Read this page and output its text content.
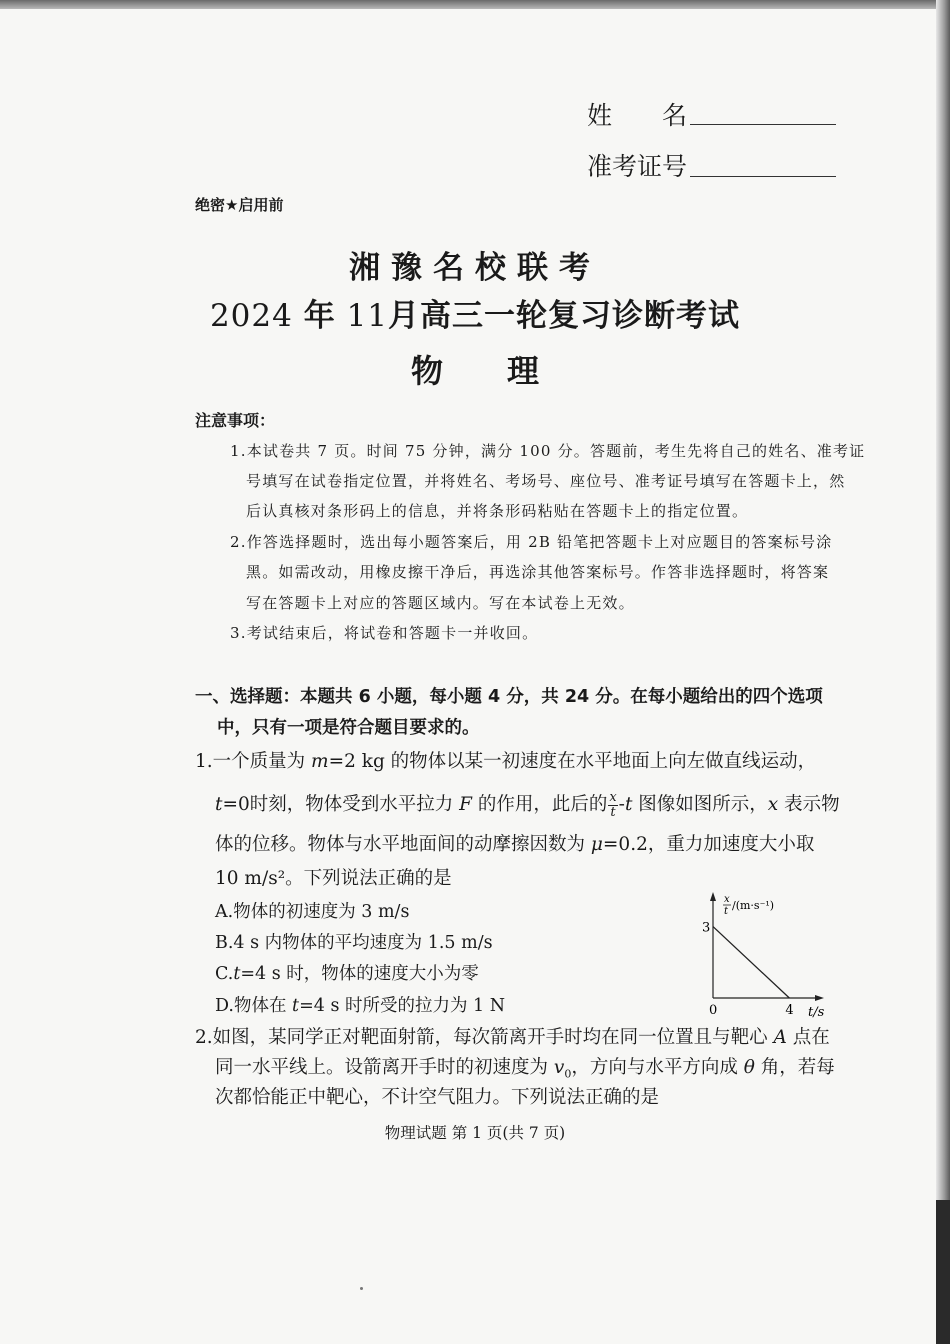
姓　　名
准考证号
绝密★启用前
湘豫名校联考
2024 年 11月高三一轮复习诊断考试
物　　理
注意事项：
1.本试卷共 7 页。时间 75 分钟，满分 100 分。答题前，考生先将自己的姓名、准考证
号填写在试卷指定位置，并将姓名、考场号、座位号、准考证号填写在答题卡上，然
后认真核对条形码上的信息，并将条形码粘贴在答题卡上的指定位置。
2.作答选择题时，选出每小题答案后，用 2B 铅笔把答题卡上对应题目的答案标号涂
黑。如需改动，用橡皮擦干净后，再选涂其他答案标号。作答非选择题时，将答案
写在答题卡上对应的答题区域内。写在本试卷上无效。
3.考试结束后，将试卷和答题卡一并收回。
一、选择题：本题共 6 小题，每小题 4 分，共 24 分。在每小题给出的四个选项
中，只有一项是符合题目要求的。
1.一个质量为 m=2 kg 的物体以某一初速度在水平地面上向左做直线运动，
t=0时刻，物体受到水平拉力 F 的作用，此后的 $\frac{x}{t} -t$ 图像如图所示，x 表示物
体的位移。物体与水平地面间的动摩擦因数为 μ=0.2，重力加速度大小取
10 m/s²。下列说法正确的是
A.物体的初速度为 3 m/s
B.4 s 内物体的平均速度为 1.5 m/s
C.t=4 s 时，物体的速度大小为零
D.物体在 t=4 s 时所受的拉力为 1 N
x
t /(m·s⁻¹)
3
0	4 t/s
2.如图，某同学正对靶面射箭，每次箭离开手时均在同一位置且与靶心 A 点在
同一水平线上。设箭离开手时的初速度为 $v_0$，方向与水平方向成 θ 角，若每
次都恰能正中靶心，不计空气阻力。下列说法正确的是
物理试题 第 1 页(共 7 页)
